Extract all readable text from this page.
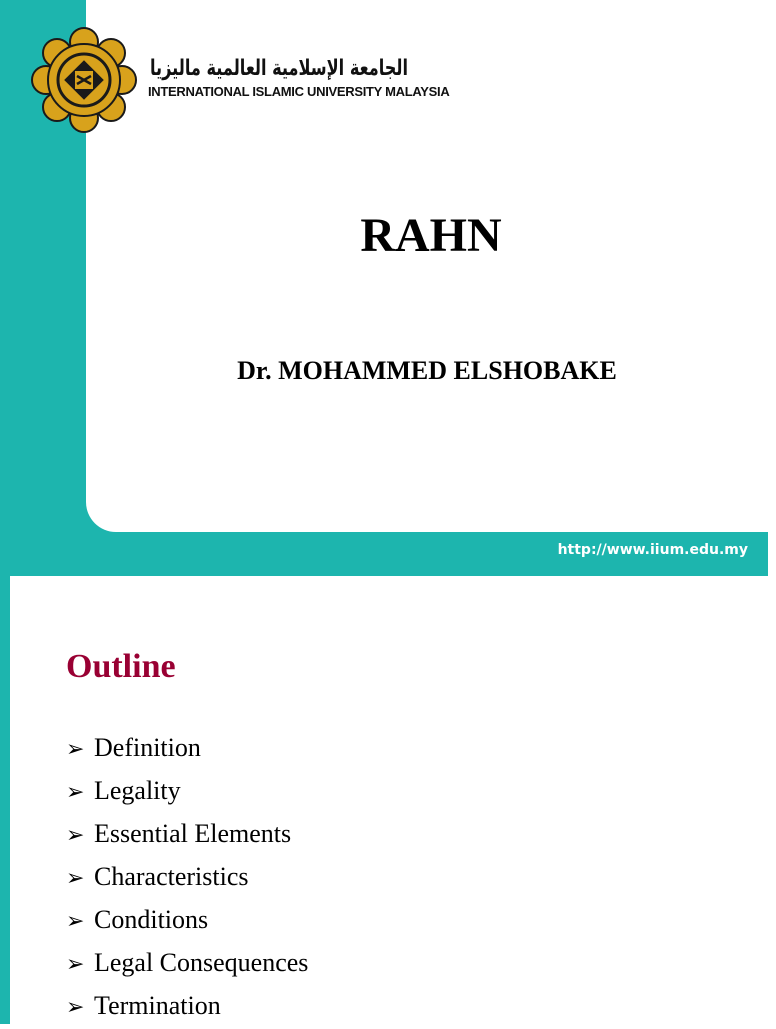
الجامعة الإسلامية العالمية ماليزيا
INTERNATIONAL ISLAMIC UNIVERSITY MALAYSIA
RAHN
Dr. MOHAMMED ELSHOBAKE
http://www.iium.edu.my
Outline
➢ Definition
➢ Legality
➢ Essential Elements
➢ Characteristics
➢ Conditions
➢ Legal Consequences
➢ Termination
